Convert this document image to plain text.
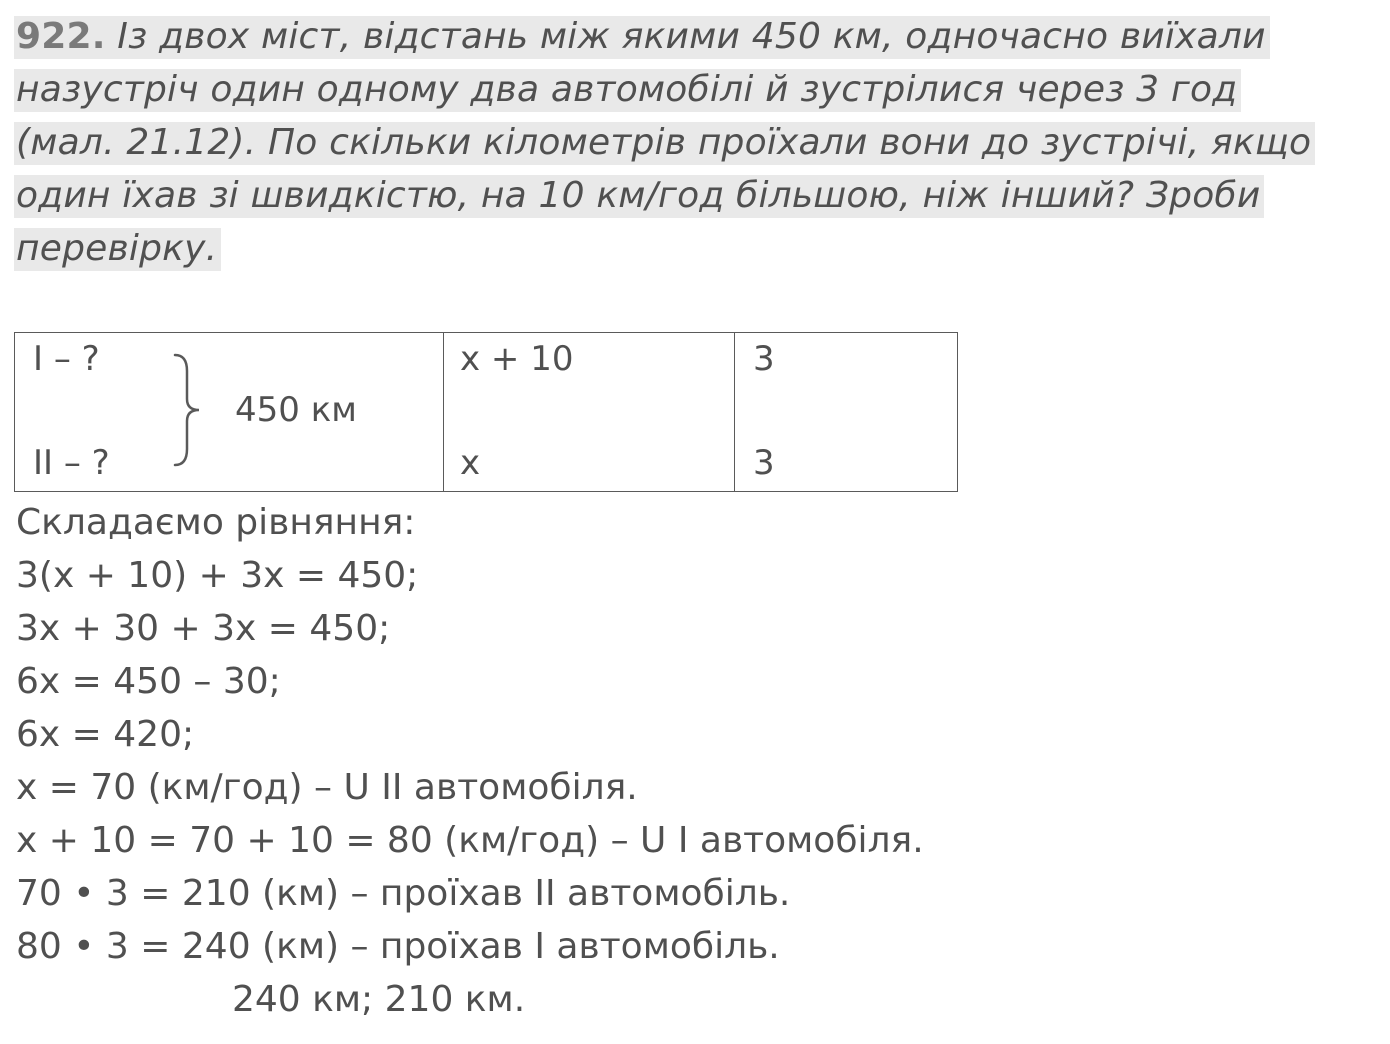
922. Із двох міст, відстань між якими 450 км, одночасно виїхали
назустріч один одному два автомобілі й зустрілися через 3 год
(мал. 21.12). По скільки кілометрів проїхали вони до зустрічі, якщо
один їхав зі швидкістю, на 10 км/год більшою, ніж інший? Зроби
перевірку.
I – ?
450 км
II – ?
x + 10
x
3
3
Складаємо рівняння:
3(x + 10) + 3x = 450;
3x + 30 + 3x = 450;
6x = 450 – 30;
6x = 420;
x = 70 (км/год) – U II автомобіля.
x + 10 = 70 + 10 = 80 (км/год) – U I автомобіля.
70 • 3 = 210 (км) – проїхав II автомобіль.
80 • 3 = 240 (км) – проїхав I автомобіль.
240 км; 210 км.
